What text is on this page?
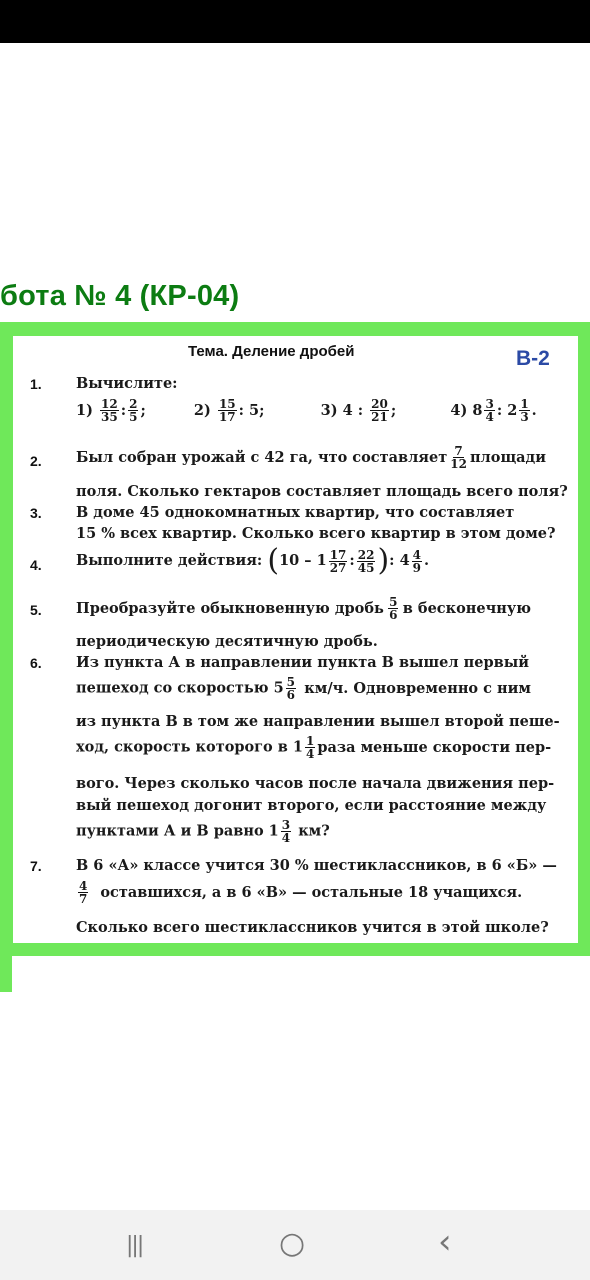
бота № 4 (КР-04)
Тема. Деление дробей	В-2
1.
2.
3.
4.
5.
6.
7.
Вычислите:
$1) \frac{12}{35}$ : $\frac{2}{5}$ ;	$2) \frac{15}{17}$ : 5;	3) 4 : $\frac{20}{21}$ ;	4) $8 \frac{3}{4}$ : $2 \frac{1}{3}$ .
Был собран урожай с 42 га, что составляет $\frac{7}{12}$ площади
поля. Сколько гектаров составляет площадь всего поля?
В доме 45 однокомнатных квартир, что составляет
15 % всех квартир. Сколько всего квартир в этом доме?
Выполните действия: ($10 - 1 \frac{17}{27}$ : $\frac{22}{45}$ ): $4 \frac{4}{9}$ .
Преобразуйте обыкновенную дробь $\frac{5}{6}$ в бесконечную
периодическую десятичную дробь.
Из пункта А в направлении пункта В вышел первый
пешеход со скоростью $5 \frac{5}{6} км/ч$. Одновременно с ним
из пункта В в том же направлении вышел второй пеше-
ход, скорость которого в $1 \frac{1}{4}$ раза меньше скорости пер-
вого. Через сколько часов после начала движения пер-
вый пешеход догонит второго, если расстояние между
пунктами А и В равно $1 \frac{3}{4}$ км?
В 6 «А» классе учится 30 % шестиклассников, в 6 «Б» —
$\frac{4}{7}$ оставшихся, а в 6 «В» — остальные 18 учащихся.
Сколько всего шестиклассников учится в этой школе?
|||	○	‹
